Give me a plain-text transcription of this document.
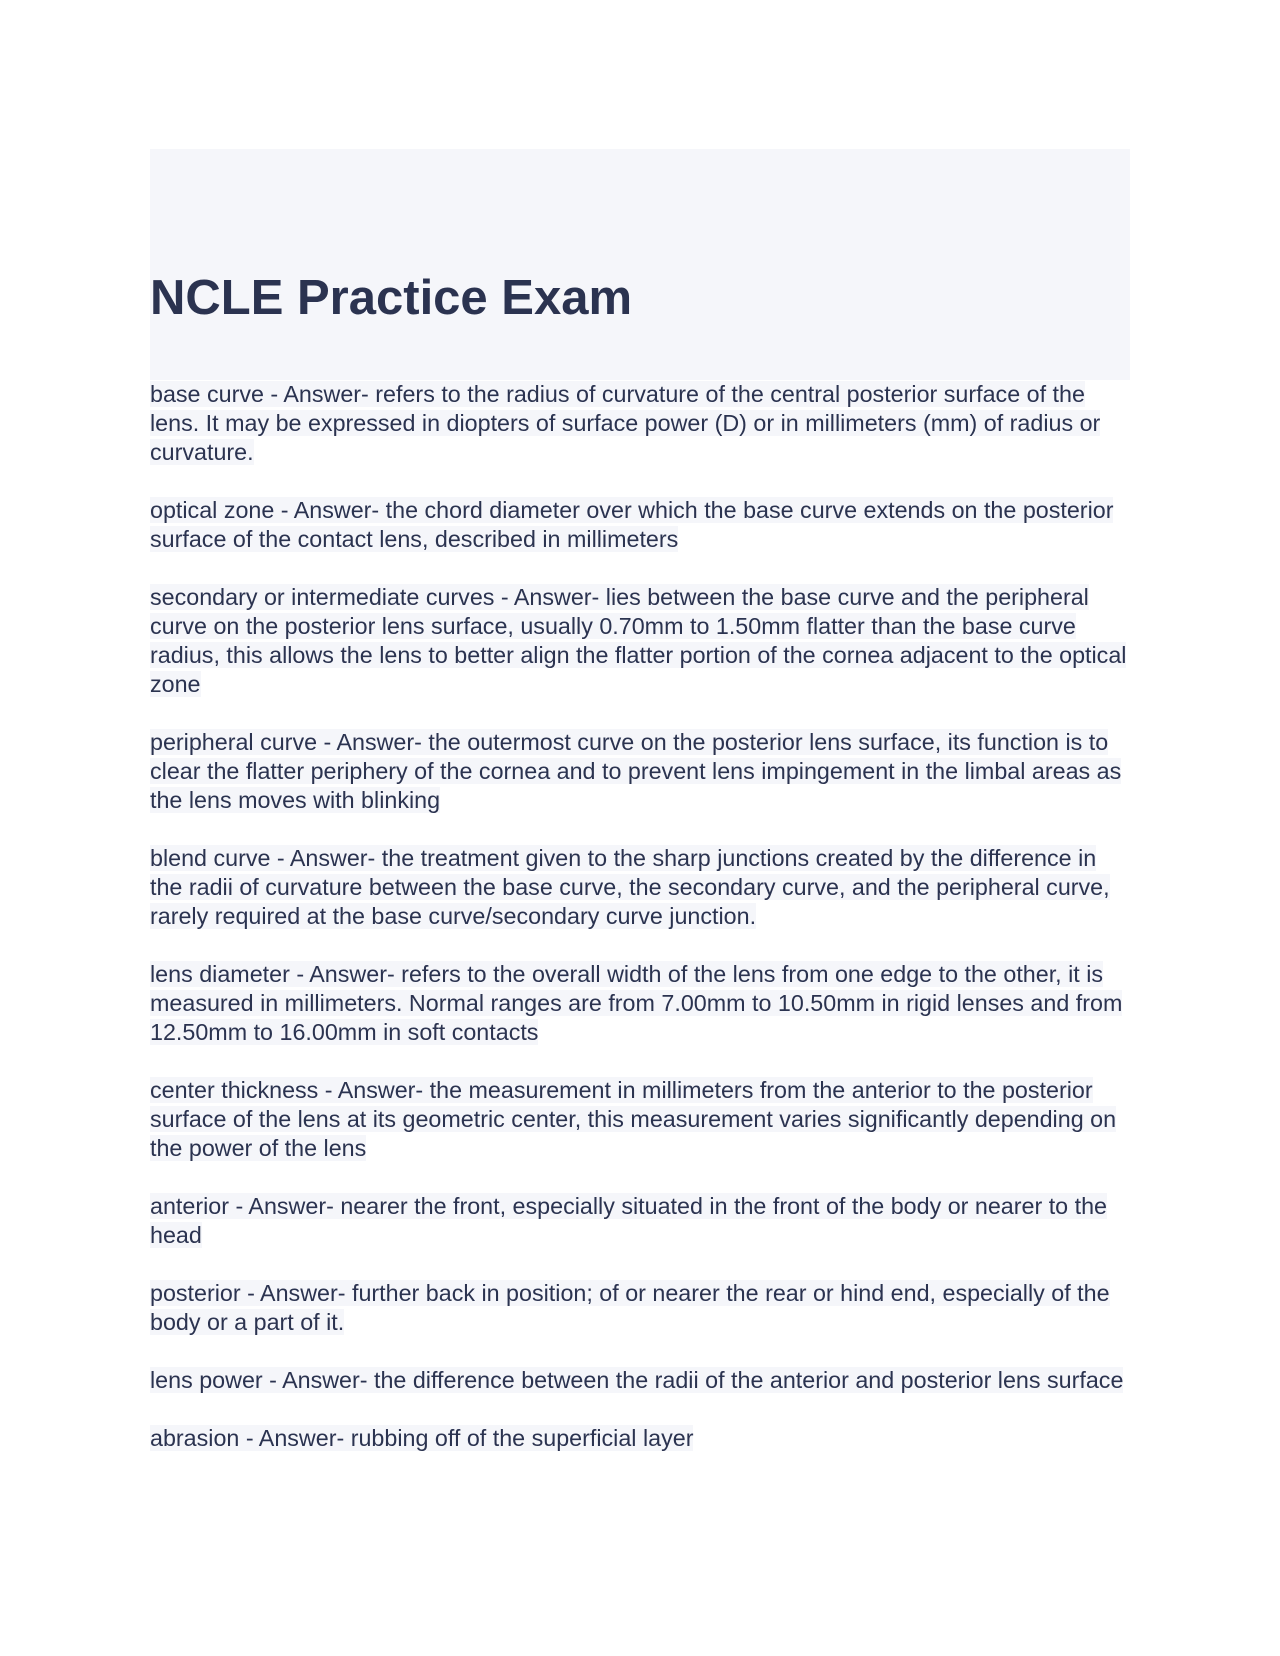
NCLE Practice Exam

base curve - Answer- refers to the radius of curvature of the central posterior surface of the lens. It may be expressed in diopters of surface power (D) or in millimeters (mm) of radius or curvature.

optical zone - Answer- the chord diameter over which the base curve extends on the posterior surface of the contact lens, described in millimeters

secondary or intermediate curves - Answer- lies between the base curve and the peripheral curve on the posterior lens surface, usually 0.70mm to 1.50mm flatter than the base curve radius, this allows the lens to better align the flatter portion of the cornea adjacent to the optical zone

peripheral curve - Answer- the outermost curve on the posterior lens surface, its function is to clear the flatter periphery of the cornea and to prevent lens impingement in the limbal areas as the lens moves with blinking

blend curve - Answer- the treatment given to the sharp junctions created by the difference in the radii of curvature between the base curve, the secondary curve, and the peripheral curve, rarely required at the base curve/secondary curve junction.

lens diameter - Answer- refers to the overall width of the lens from one edge to the other, it is measured in millimeters. Normal ranges are from 7.00mm to 10.50mm in rigid lenses and from 12.50mm to 16.00mm in soft contacts

center thickness - Answer- the measurement in millimeters from the anterior to the posterior surface of the lens at its geometric center, this measurement varies significantly depending on the power of the lens

anterior - Answer- nearer the front, especially situated in the front of the body or nearer to the head

posterior - Answer- further back in position; of or nearer the rear or hind end, especially of the body or a part of it.

lens power - Answer- the difference between the radii of the anterior and posterior lens surface

abrasion - Answer- rubbing off of the superficial layer
